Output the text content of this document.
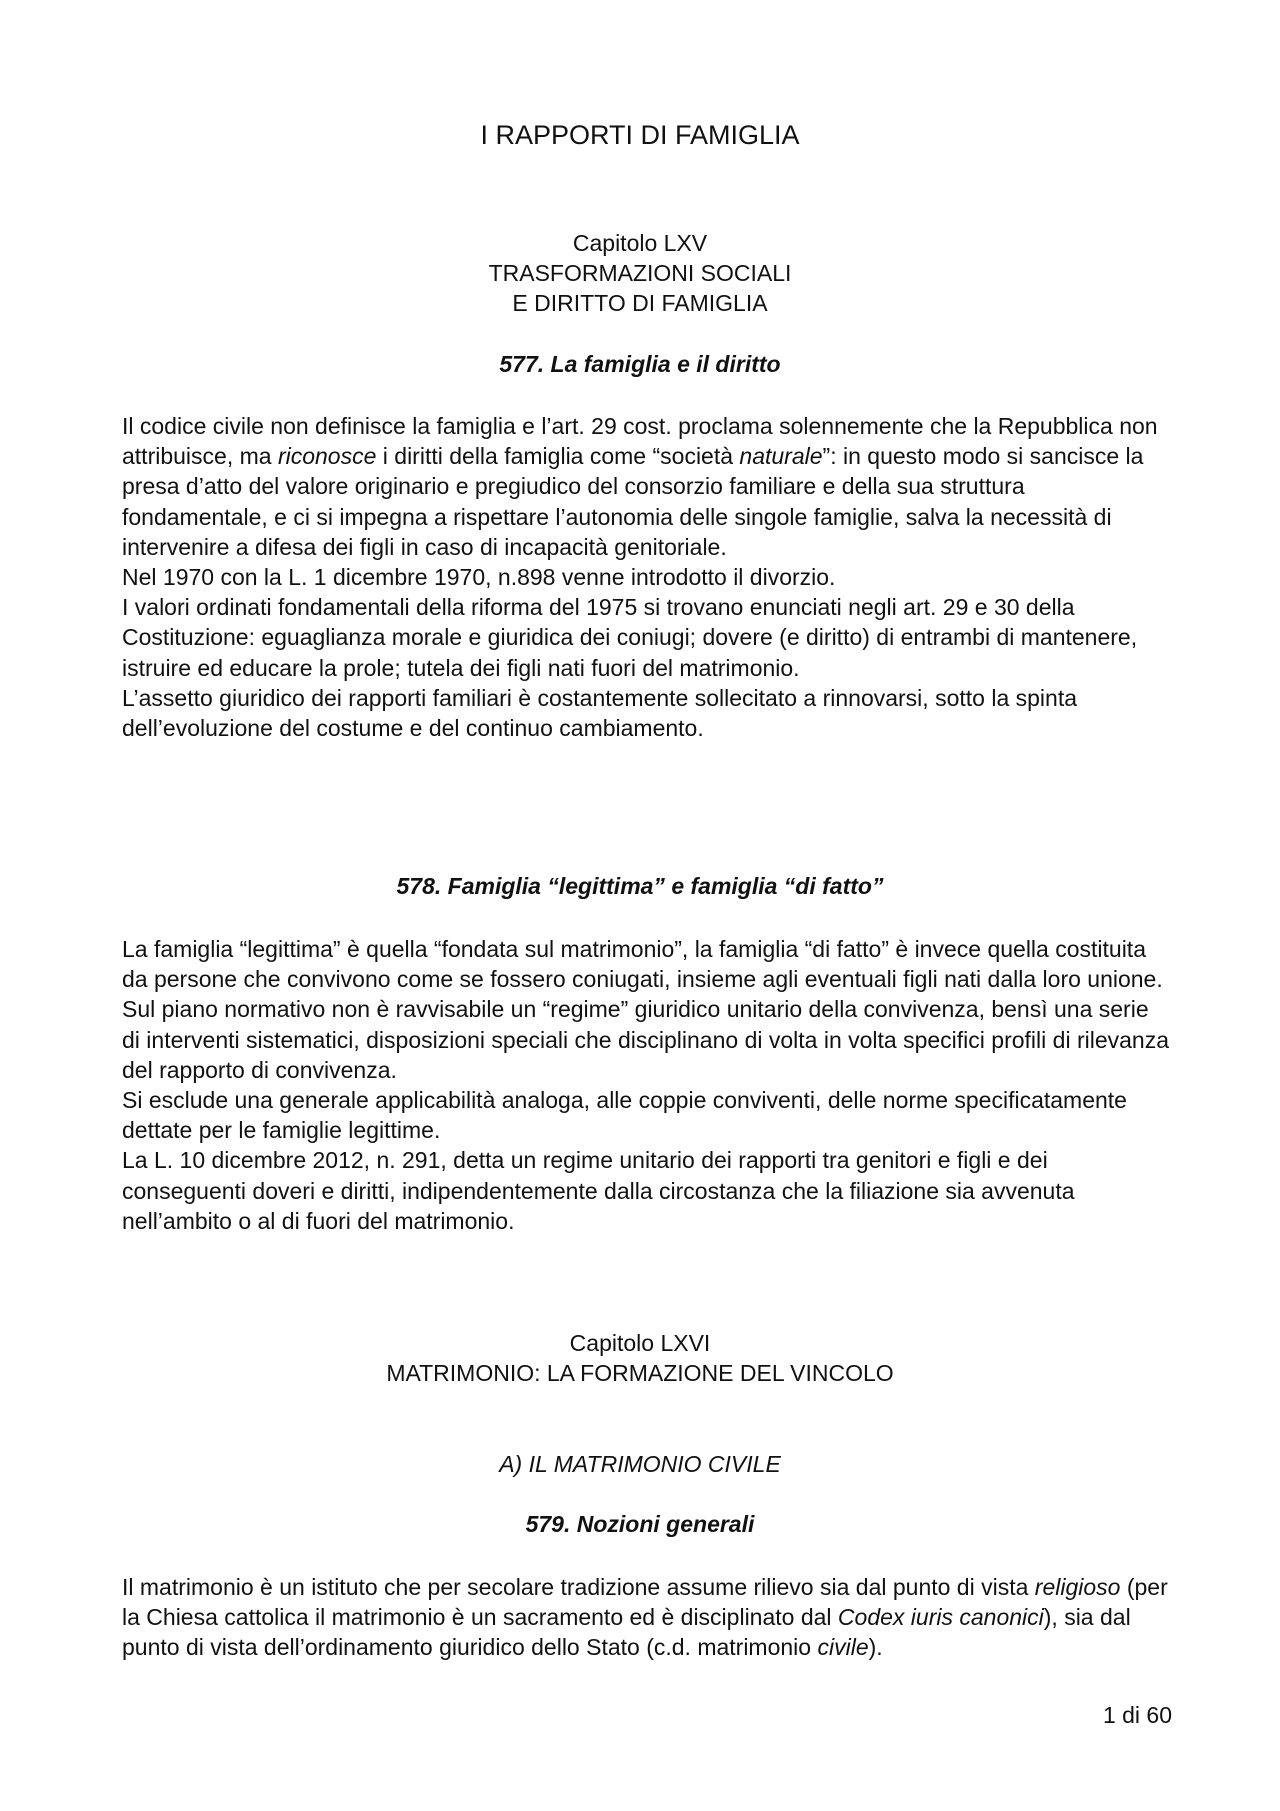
I RAPPORTI DI FAMIGLIA
Capitolo LXV
TRASFORMAZIONI SOCIALI
E DIRITTO DI FAMIGLIA
577. La famiglia e il diritto

Il codice civile non definisce la famiglia e l’art. 29 cost. proclama solennemente che la Repubblica non attribuisce, ma riconosce i diritti della famiglia come “società naturale”: in questo modo si sancisce la presa d’atto del valore originario e pregiudico del consorzio familiare e della sua struttura fondamentale, e ci si impegna a rispettare l’autonomia delle singole famiglie, salva la necessità di intervenire a difesa dei figli in caso di incapacità genitoriale.

Nel 1970 con la L. 1 dicembre 1970, n.898 venne introdotto il divorzio.

I valori ordinati fondamentali della riforma del 1975 si trovano enunciati negli art. 29 e 30 della Costituzione: eguaglianza morale e giuridica dei coniugi; dovere (e diritto) di entrambi di mantenere, istruire ed educare la prole; tutela dei figli nati fuori del matrimonio.

L’assetto giuridico dei rapporti familiari è costantemente sollecitato a rinnovarsi, sotto la spinta dell’evoluzione del costume e del continuo cambiamento.

578. Famiglia “legittima” e famiglia “di fatto”

La famiglia “legittima” è quella “fondata sul matrimonio”, la famiglia “di fatto” è invece quella costituita da persone che convivono come se fossero coniugati, insieme agli eventuali figli nati dalla loro unione.

Sul piano normativo non è ravvisabile un “regime” giuridico unitario della convivenza, bensì una serie di interventi sistematici, disposizioni speciali che disciplinano di volta in volta specifici profili di rilevanza del rapporto di convivenza.

Si esclude una generale applicabilità analoga, alle coppie conviventi, delle norme specificatamente dettate per le famiglie legittime.

La L. 10 dicembre 2012, n. 291, detta un regime unitario dei rapporti tra genitori e figli e dei conseguenti doveri e diritti, indipendentemente dalla circostanza che la filiazione sia avvenuta nell’ambito o al di fuori del matrimonio.

Capitolo LXVI
MATRIMONIO: LA FORMAZIONE DEL VINCOLO
A) IL MATRIMONIO CIVILE
579. Nozioni generali

Il matrimonio è un istituto che per secolare tradizione assume rilievo sia dal punto di vista religioso (per la Chiesa cattolica il matrimonio è un sacramento ed è disciplinato dal Codex iuris canonici), sia dal punto di vista dell’ordinamento giuridico dello Stato (c.d. matrimonio civile).

1 di 60
